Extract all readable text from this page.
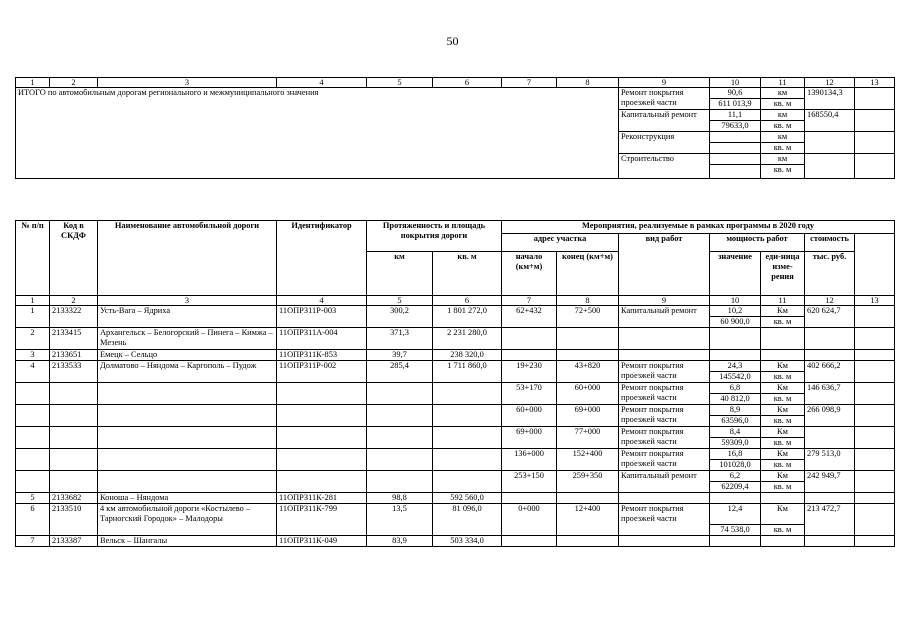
50
1	2	3	4	5	6	7	8	9	10	11	12	13
ИТОГО по автомобильным дорогам регионального и межмуниципального значения								Ремонт покрытия проезжей части	90,6	км	1390134,3	
									611 013,9	кв. м		
								Капитальный ремонт	11,1	км	168550,4	
									79633,0	кв. м		
								Реконструкция		км		
										кв. м		
								Строительство		км		
										кв. м		
№ п/п	Код в СКДФ	Наименование автомобильной дороги	Идентификатор	Протяженность и площадь покрытия дороги		Мероприятия, реализуемые в рамках программы в 2020 году	
						адрес участка		вид работ	мощность работ		стоимость		
				км	кв. м	начало (км+м)	конец (км+м)		значение	еди-ница изме-рения	тыс. руб.		
1	2	3	4	5	6	7	8	9	10	11	12	13	
1	2133322	Усть-Вага – Ядриха	11ОПРЗ11Р-003	300,2	1 801 272,0	62+432	72+500	Капитальный ремонт	10,2	Км	620 624,7		
									60 900,0	кв. м			
2	2133415	Архангельск – Белогорский – Пинега – Кимжа – Мезень	11ОПРЗ11А-004	371,3	2 231 280,0								
3	2133651	Емецк – Сельцо	11ОПРЗ11К-853	39,7	238 320,0								
4	2133533	Долматово – Няндома – Каргополь – Пудож	11ОПРЗ11Р-002	285,4	1 711 860,0	19+230	43+820	Ремонт покрытия проезжей части	24,3	Км	402 666,2		
									145542,0	кв. м			
						53+170	60+000	Ремонт покрытия проезжей части	6,8	Км	146 636,7		
									40 812,0	кв. м			
						60+000	69+000	Ремонт покрытия проезжей части	8,9	Км	266 098,9		
									63596,0	кв. м			
						69+000	77+000	Ремонт покрытия проезжей части	8,4	Км			
									59309,0	кв. м			
						136+000	152+400	Ремонт покрытия проезжей части	16,8	Км	279 513,0		
									101028,0	кв. м			
						253+150	259+350	Капитальный ремонт	6,2	Км	242 949,7		
									62209,4	кв. м			
5	2133682	Коноша – Няндома	11ОПРЗ11К-281	98,8	592 560,0								
6	2133510	4 км автомобильной дороги «Костылево – Тарногский Городок» – Малодоры	11ОПРЗ11К-799	13,5	81 096,0	0+000	12+400	Ремонт покрытия проезжей части	12,4	Км	213 472,7		
									74 538,0	кв. м			
7	2133387	Вельск – Шангалы	11ОПРЗ11К-049	83,9	503 334,0								
